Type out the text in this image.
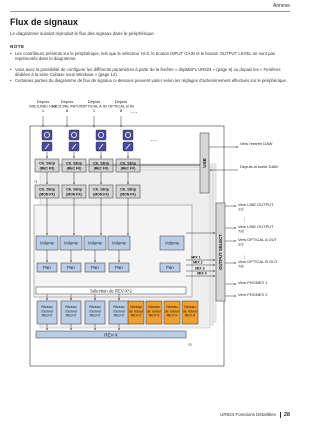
Annexe
Flux de signaux
Le diagramme suivant reproduit le flux des signaux dans le périphérique.
NOTE
• Les contrôleurs présents sur le périphérique, tels que le sélecteur HI-Z, le bouton INPUT GAIN et le bouton OUTPUT LEVEL ne sont pas représentés dans le diagramme.
• Vous avez la possibilité de configurer les différents paramètres à partir de la fenêtre « dspMixFx UR824 » (page 8) ou depuis les « Fenêtres dédiées à la série Cubase sous Windows » (page 14).
• Certaines parties du diagramme de flux de signaux ci-dessous peuvent varier selon les réglages d'acheminement effectués sur le périphérique.
Depuis MIC/LINE/ HI-Z 1
Depuis MIC/LINE INPUT 8
Depuis OPTICAL A IN 1
Depuis OPTICAL B IN 8	…
…
Ch. Strip
(REC FX)
Ch. Strip
(REC FX)
Ch. Strip
(REC FX)
Ch. Strip
(REC FX)
*1
Ch. Strip
(MON FX)
Ch. Strip
(MON FX)
Ch. Strip
(MON FX)
Ch. Strip
(MON FX)
Volume
Pan
Volume
Pan
Volume
Pan
Volume
Pan
Volume
Pan
MIX 1
MIX 2
MIX 3
MIX 4
Sélection de REV-X*2
Niveau d'envoi REV-X
Niveau d'envoi REV-X
Niveau d'envoi REV-X
Niveau d'envoi REV-X
Niveau de retour REV-X
Niveau de retour REV-X
Niveau de retour REV-X
Niveau de retour REV-X
REV-X
*2
USB
Vers l'entrée DAW
Depuis la sortie DAW
OUTPUT SELECT
Vers LINE OUTPUT 1/2
Vers LINE OUTPUT 7/8
Vers OPTICAL A OUT 1/2
Vers OPTICAL B OUT 7/8
Vers PHONES 1
Vers PHONES 2
⋮
⋮
UR824 Fonctions Détaillées 28
